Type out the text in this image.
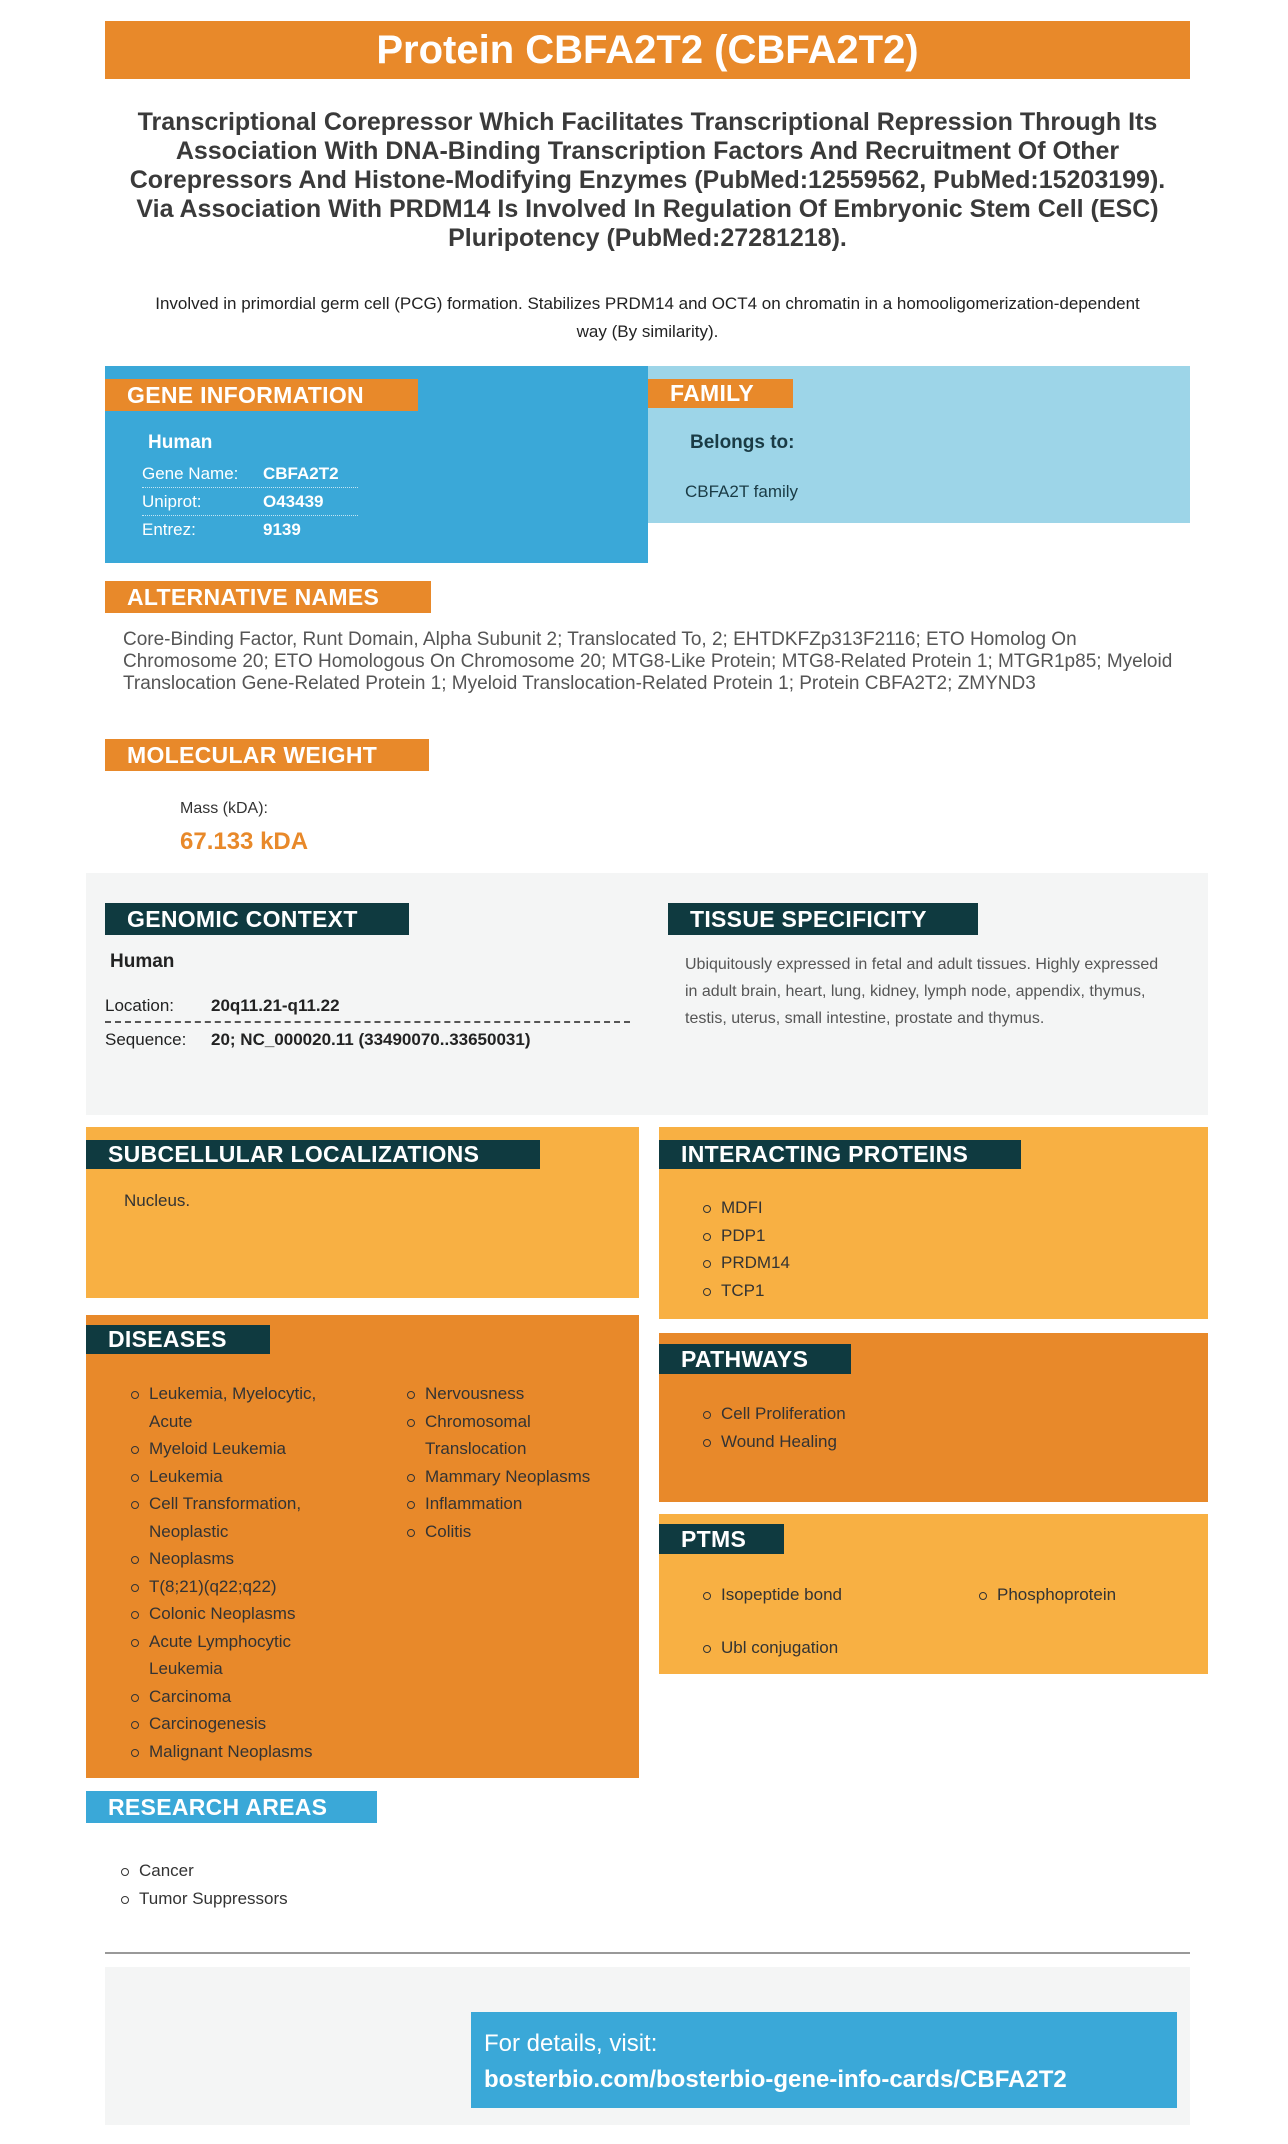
Protein CBFA2T2 (CBFA2T2)
Transcriptional Corepressor Which Facilitates Transcriptional Repression Through Its Association With DNA-Binding Transcription Factors And Recruitment Of Other Corepressors And Histone-Modifying Enzymes (PubMed:12559562, PubMed:15203199). Via Association With PRDM14 Is Involved In Regulation Of Embryonic Stem Cell (ESC) Pluripotency (PubMed:27281218).
Involved in primordial germ cell (PCG) formation. Stabilizes PRDM14 and OCT4 on chromatin in a homooligomerization-dependent way (By similarity).
GENE INFORMATION
Human
Gene Name:	CBFA2T2
Uniprot:	O43439
Entrez:	9139
FAMILY
Belongs to:
CBFA2T family
ALTERNATIVE NAMES
Core-Binding Factor, Runt Domain, Alpha Subunit 2; Translocated To, 2; EHTDKFZp313F2116; ETO Homolog On Chromosome 20; ETO Homologous On Chromosome 20; MTG8-Like Protein; MTG8-Related Protein 1; MTGR1p85; Myeloid Translocation Gene-Related Protein 1; Myeloid Translocation-Related Protein 1; Protein CBFA2T2; ZMYND3
MOLECULAR WEIGHT
Mass (kDA):
67.133 kDA
GENOMIC CONTEXT
Human
Location:	20q11.21-q11.22
Sequence:	20; NC_000020.11 (33490070..33650031)
TISSUE SPECIFICITY
Ubiquitously expressed in fetal and adult tissues. Highly expressed in adult brain, heart, lung, kidney, lymph node, appendix, thymus, testis, uterus, small intestine, prostate and thymus.
SUBCELLULAR LOCALIZATIONS
Nucleus.
INTERACTING PROTEINS
MDFI
PDP1
PRDM14
TCP1
DISEASES
Leukemia, Myelocytic, Acute
Myeloid Leukemia
Leukemia
Cell Transformation, Neoplastic
Neoplasms
T(8;21)(q22;q22)
Colonic Neoplasms
Acute Lymphocytic Leukemia
Carcinoma
Carcinogenesis
Malignant Neoplasms
Nervousness
Chromosomal Translocation
Mammary Neoplasms
Inflammation
Colitis
PATHWAYS
Cell Proliferation
Wound Healing
PTMS
Isopeptide bond
Ubl conjugation
Phosphoprotein
RESEARCH AREAS
Cancer
Tumor Suppressors
For details, visit:
bosterbio.com/bosterbio-gene-info-cards/CBFA2T2
